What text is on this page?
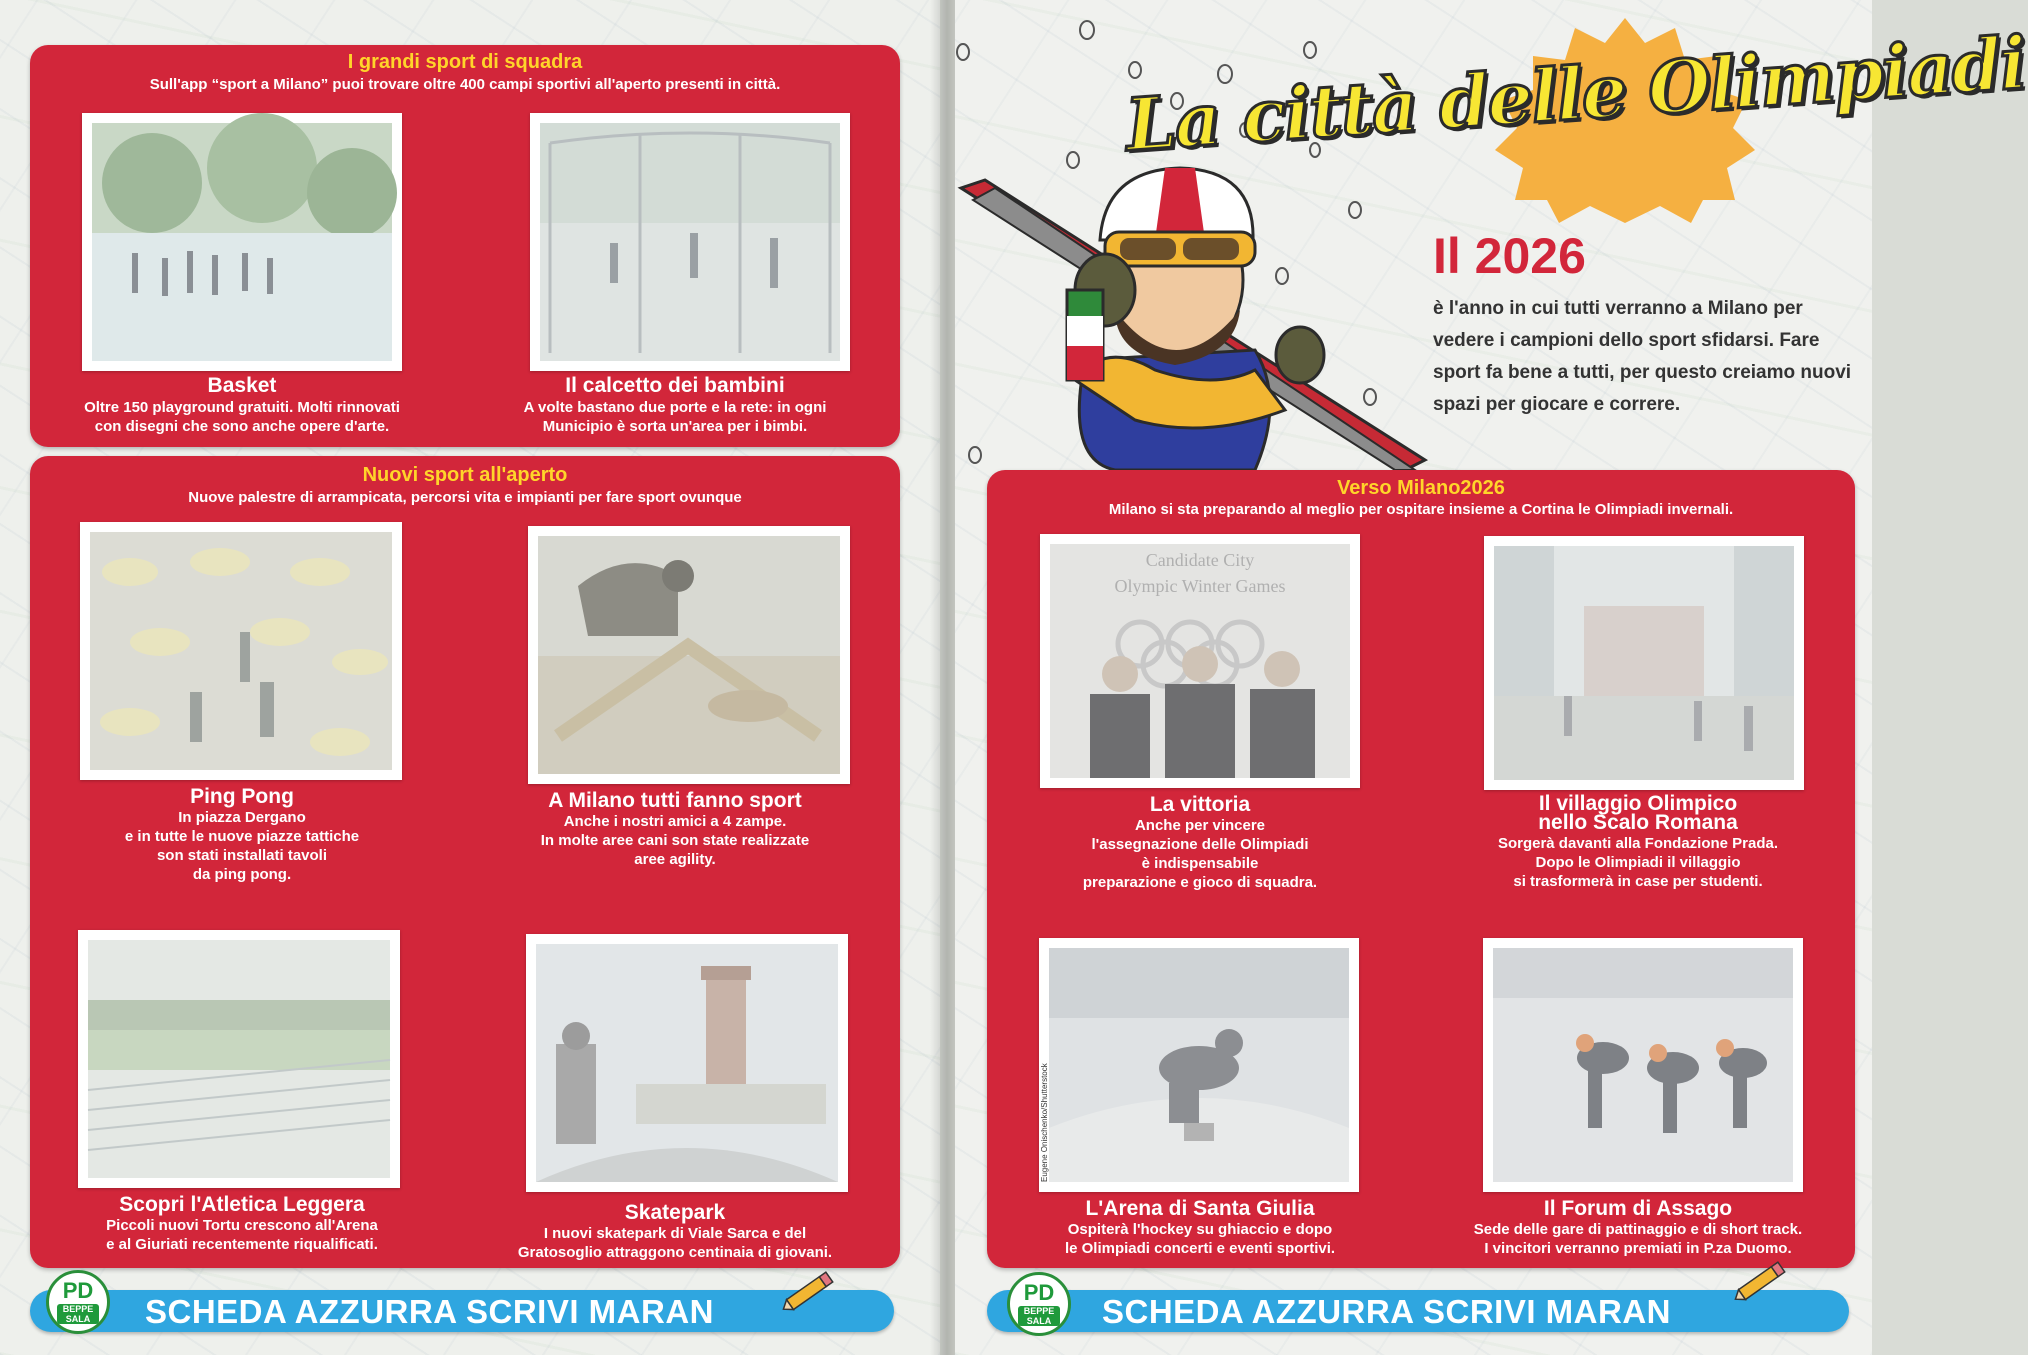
I grandi sport di squadra
Sull'app “sport a Milano” puoi trovare oltre 400 campi sportivi all'aperto presenti in città.
Basket
Oltre 150 playground gratuiti. Molti rinnovati
con disegni che sono anche opere d'arte.
Il calcetto dei bambini
A volte bastano due porte e la rete: in ogni
Municipio è sorta un'area per i bimbi.
Nuovi sport all'aperto
Nuove palestre di arrampicata, percorsi vita e impianti per fare sport ovunque
Ping Pong
In piazza Dergano
e in tutte le nuove piazze tattiche
son stati installati tavoli
da ping pong.
A Milano tutti fanno sport
Anche i nostri amici a 4 zampe.
In molte aree cani son state realizzate
aree agility.
Scopri l'Atletica Leggera
Piccoli nuovi Tortu crescono all'Arena
e al Giuriati recentemente riqualificati.
Skatepark
I nuovi skatepark di Viale Sarca e del
Gratosoglio attraggono centinaia di giovani.
SCHEDA AZZURRA SCRIVI MARAN
PD
BEPPE SALA
La città delle Olimpiadi
Il 2026
è l'anno in cui tutti verranno a Milano per vedere i campioni dello sport sfidarsi. Fare sport fa bene a tutti, per questo creiamo nuovi spazi per giocare e correre.
Verso Milano2026
Milano si sta preparando al meglio per ospitare insieme a Cortina le Olimpiadi invernali.
Candidate City
Olympic Winter Games
La vittoria
Anche per vincere
l'assegnazione delle Olimpiadi
è indispensabile
preparazione e gioco di squadra.
Il villaggio Olimpico
nello Scalo Romana
Sorgerà davanti alla Fondazione Prada.
Dopo le Olimpiadi il villaggio
si trasformerà in case per studenti.
Eugene Onischenko/Shutterstock
L'Arena di Santa Giulia
Ospiterà l'hockey su ghiaccio e dopo
le Olimpiadi concerti e eventi sportivi.
Il Forum di Assago
Sede delle gare di pattinaggio e di short track.
I vincitori verranno premiati in P.za Duomo.
SCHEDA AZZURRA SCRIVI MARAN
PD
BEPPE SALA
